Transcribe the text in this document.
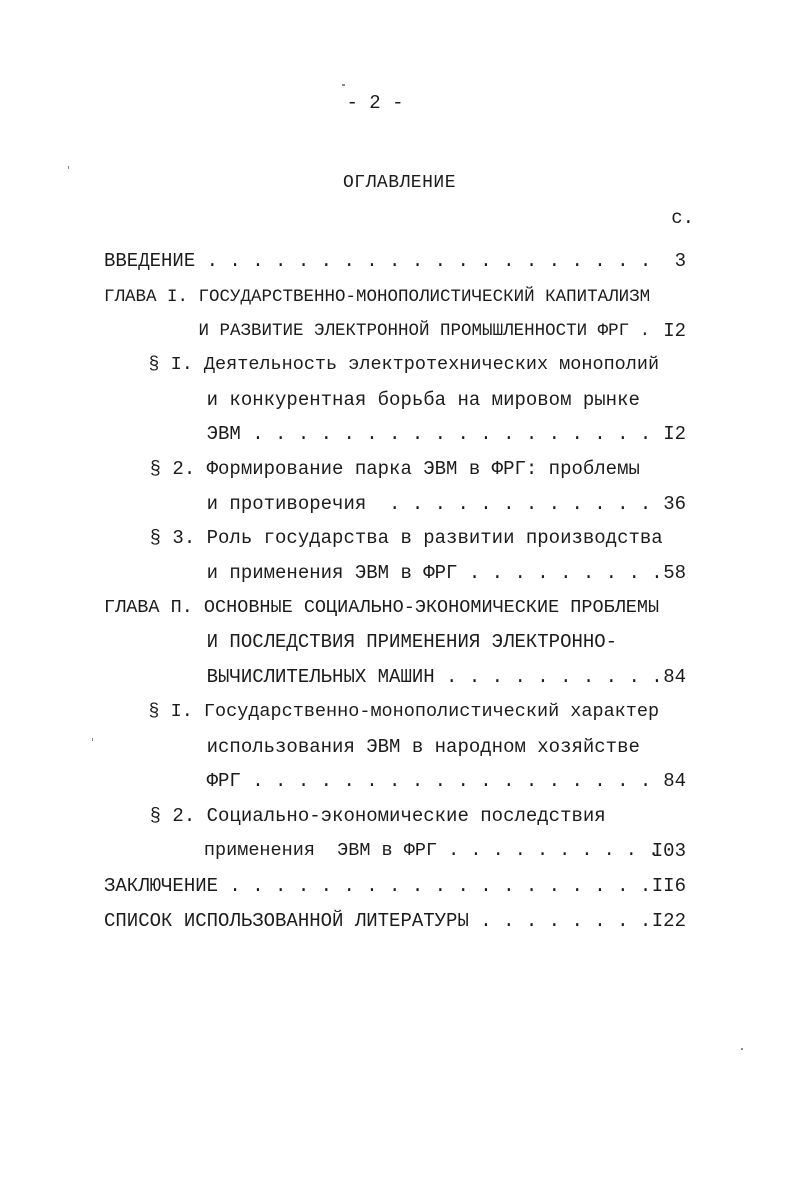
- 2 -
ОГЛАВЛЕНИЕ
с.
ВВЕДЕНИЕ . . . . . . . . . . . . . . . . . . . . 3
ГЛАВА I. ГОСУДАРСТВЕННО-МОНОПОЛИСТИЧЕСКИЙ КАПИТАЛИЗМ
И РАЗВИТИЕ ЭЛЕКТРОННОЙ ПРОМЫШЛЕННОСТИ ФРГ . I2
§ I. Деятельность электротехнических монополий
и конкурентная борьба на мировом рынке
ЭВМ . . . . . . . . . . . . . . . . . . I2
§ 2. Формирование парка ЭВМ в ФРГ: проблемы
и противоречия  . . . . . . . . . . . . 36
§ 3. Роль государства в развитии производства
и применения ЭВМ в ФРГ . . . . . . . . . 58
ГЛАВА П. ОСНОВНЫЕ СОЦИАЛЬНО-ЭКОНОМИЧЕСКИЕ ПРОБЛЕМЫ
И ПОСЛЕДСТВИЯ ПРИМЕНЕНИЯ ЭЛЕКТРОННО-
ВЫЧИСЛИТЕЛЬНЫХ МАШИН . . . . . . . . . . 84
§ I. Государственно-монополистический характер
использования ЭВМ в народном хозяйстве
ФРГ . . . . . . . . . . . . . . . . . . 84
§ 2. Социально-экономические последствия
применения  ЭВМ в ФРГ . . . . . . . . . .
I03
ЗАКЛЮЧЕНИЕ . . . . . . . . . . . . . . . . . . . II6
СПИСОК ИСПОЛЬЗОВАННОЙ ЛИТЕРАТУРЫ . . . . . . . . I22
